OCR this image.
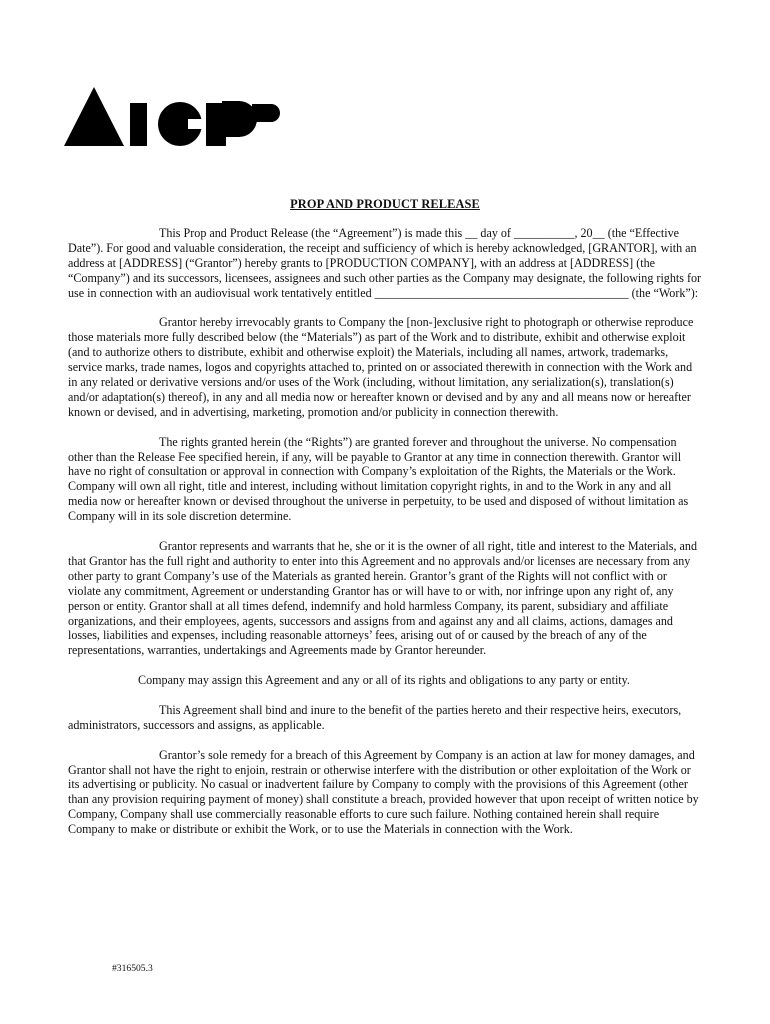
PROP AND PRODUCT RELEASE

This Prop and Product Release (the “Agreement”) is made this __ day of __________, 20__ (the “Effective Date”). For good and valuable consideration, the receipt and sufficiency of which is hereby acknowledged, [GRANTOR], with an address at [ADDRESS] (“Grantor”) hereby grants to [PRODUCTION COMPANY], with an address at [ADDRESS] (the “Company”) and its successors, licensees, assignees and such other parties as the Company may designate, the following rights for use in connection with an audiovisual work tentatively entitled __________________________________________ (the “Work”):

Grantor hereby irrevocably grants to Company the [non-]exclusive right to photograph or otherwise reproduce those materials more fully described below (the “Materials”) as part of the Work and to distribute, exhibit and otherwise exploit (and to authorize others to distribute, exhibit and otherwise exploit) the Materials, including all names, artwork, trademarks, service marks, trade names, logos and copyrights attached to, printed on or associated therewith in connection with the Work and in any related or derivative versions and/or uses of the Work (including, without limitation, any serialization(s), translation(s) and/or adaptation(s) thereof), in any and all media now or hereafter known or devised and by any and all means now or hereafter known or devised, and in advertising, marketing, promotion and/or publicity in connection therewith.

The rights granted herein (the “Rights”) are granted forever and throughout the universe. No compensation other than the Release Fee specified herein, if any, will be payable to Grantor at any time in connection therewith. Grantor will have no right of consultation or approval in connection with Company’s exploitation of the Rights, the Materials or the Work. Company will own all right, title and interest, including without limitation copyright rights, in and to the Work in any and all media now or hereafter known or devised throughout the universe in perpetuity, to be used and disposed of without limitation as Company will in its sole discretion determine.

Grantor represents and warrants that he, she or it is the owner of all right, title and interest to the Materials, and that Grantor has the full right and authority to enter into this Agreement and no approvals and/or licenses are necessary from any other party to grant Company’s use of the Materials as granted herein. Grantor’s grant of the Rights will not conflict with or violate any commitment, Agreement or understanding Grantor has or will have to or with, nor infringe upon any right of, any person or entity. Grantor shall at all times defend, indemnify and hold harmless Company, its parent, subsidiary and affiliate organizations, and their employees, agents, successors and assigns from and against any and all claims, actions, damages and losses, liabilities and expenses, including reasonable attorneys’ fees, arising out of or caused by the breach of any of the representations, warranties, undertakings and Agreements made by Grantor hereunder.

Company may assign this Agreement and any or all of its rights and obligations to any party or entity.

This Agreement shall bind and inure to the benefit of the parties hereto and their respective heirs, executors, administrators, successors and assigns, as applicable.

Grantor’s sole remedy for a breach of this Agreement by Company is an action at law for money damages, and Grantor shall not have the right to enjoin, restrain or otherwise interfere with the distribution or other exploitation of the Work or its advertising or publicity. No casual or inadvertent failure by Company to comply with the provisions of this Agreement (other than any provision requiring payment of money) shall constitute a breach, provided however that upon receipt of written notice by Company, Company shall use commercially reasonable efforts to cure such failure. Nothing contained herein shall require Company to make or distribute or exhibit the Work, or to use the Materials in connection with the Work.

#316505.3
